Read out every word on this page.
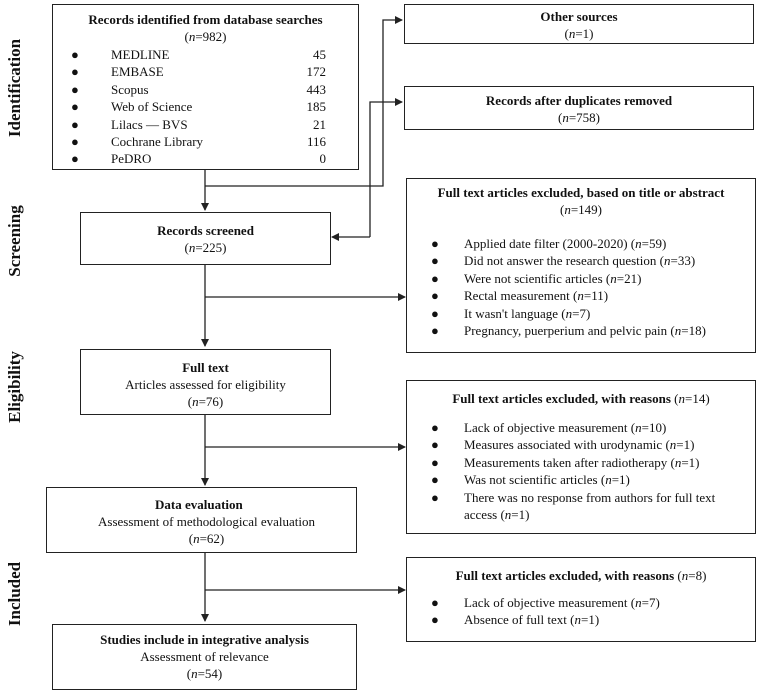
Identification
Screening
Eligibility
Included
Records identified from database searches
(n=982)
● MEDLINE	45
● EMBASE	172
● Scopus	443
● Web of Science	185
● Lilacs — BVS	21
● Cochrane Library	116
● PeDRO	0
Other sources
(n=1)
Records after duplicates removed
(n=758)
Records screened
(n=225)
Full text articles excluded, based on title or abstract
(n=149)
● Applied date filter (2000-2020) (n=59)
● Did not answer the research question (n=33)
● Were not scientific articles (n=21)
● Rectal measurement (n=11)
● It wasn't language (n=7)
● Pregnancy, puerperium and pelvic pain (n=18)
Full text
Articles assessed for eligibility
(n=76)	Full text articles excluded, with reasons (n=14)
● Lack of objective measurement (n=10)
● Measures associated with urodynamic (n=1)
● Measurements taken after radiotherapy (n=1)
● Was not scientific articles (n=1)
● There was no response from authors for full text access (n=1)
Data evaluation
Assessment of methodological evaluation
(n=62)
Full text articles excluded, with reasons (n=8)
● Lack of objective measurement (n=7)
● Absence of full text (n=1)
Studies include in integrative analysis
Assessment of relevance
(n=54)
